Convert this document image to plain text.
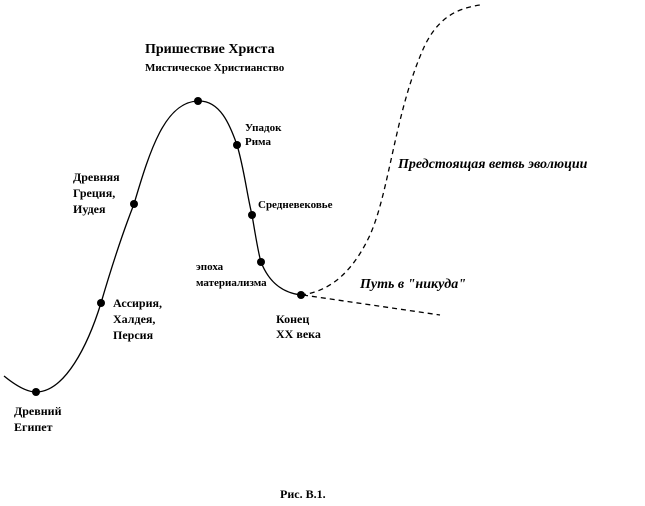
Пришествие Христа
Мистическое Христианство
Упадок
Рима
Средневековье
эпоха
материализма
Древняя
Греция,
Иудея
Ассирия,
Халдея,
Персия
Древний
Египет
Конец
XX века
Предстоящая ветвь эволюции
Путь в "никуда"
Рис. В.1.
